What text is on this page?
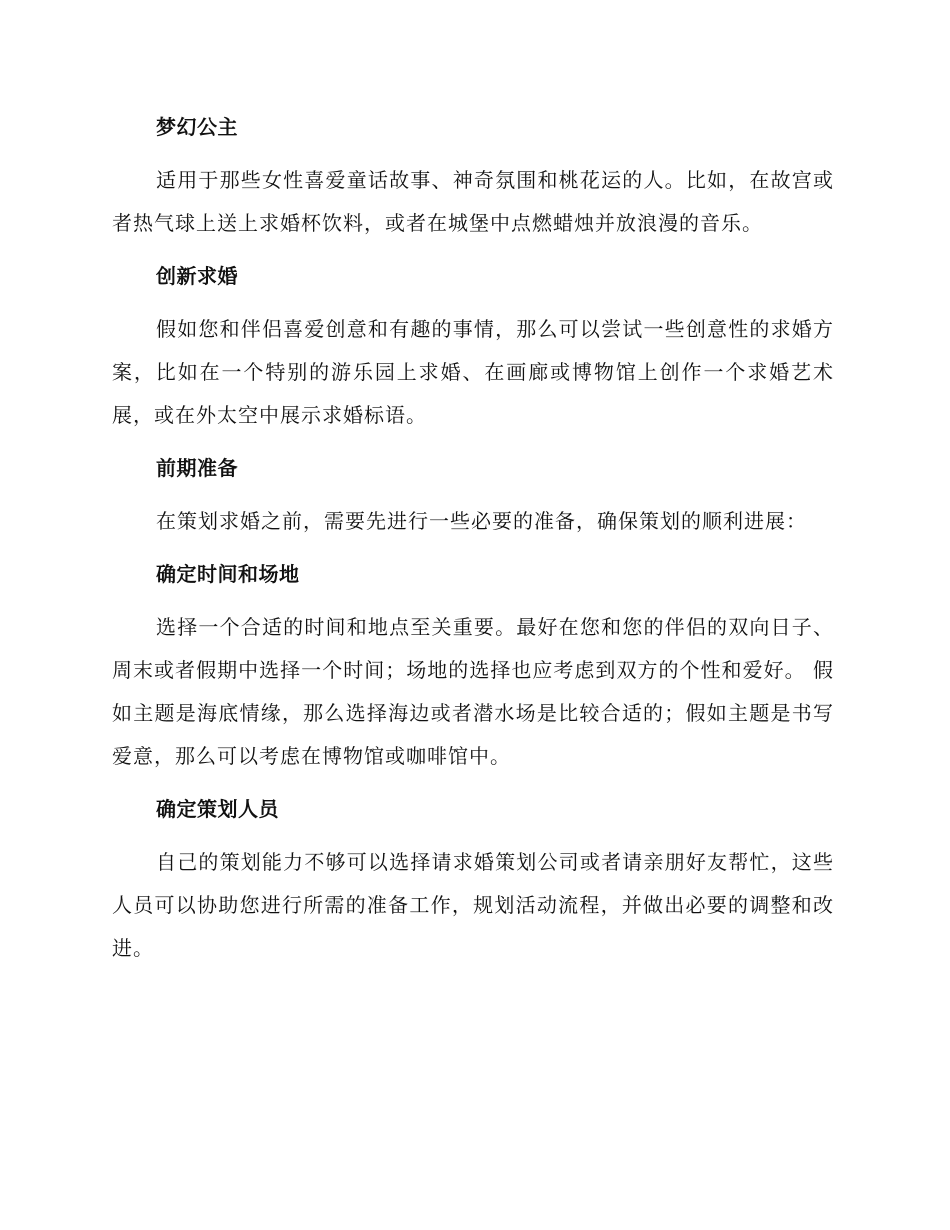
梦幻公主

适用于那些女性喜爱童话故事、神奇氛围和桃花运的人。比如，在故宫或者热气球上送上求婚杯饮料，或者在城堡中点燃蜡烛并放浪漫的音乐。

创新求婚

假如您和伴侣喜爱创意和有趣的事情，那么可以尝试一些创意性的求婚方案，比如在一个特别的游乐园上求婚、在画廊或博物馆上创作一个求婚艺术展，或在外太空中展示求婚标语。

前期准备

在策划求婚之前，需要先进行一些必要的准备，确保策划的顺利进展：

确定时间和场地

选择一个合适的时间和地点至关重要。最好在您和您的伴侣的双向日子、周末或者假期中选择一个时间；场地的选择也应考虑到双方的个性和爱好。 假如主题是海底情缘，那么选择海边或者潜水场是比较合适的；假如主题是书写爱意，那么可以考虑在博物馆或咖啡馆中。

确定策划人员

自己的策划能力不够可以选择请求婚策划公司或者请亲朋好友帮忙，这些人员可以协助您进行所需的准备工作，规划活动流程，并做出必要的调整和改进。
